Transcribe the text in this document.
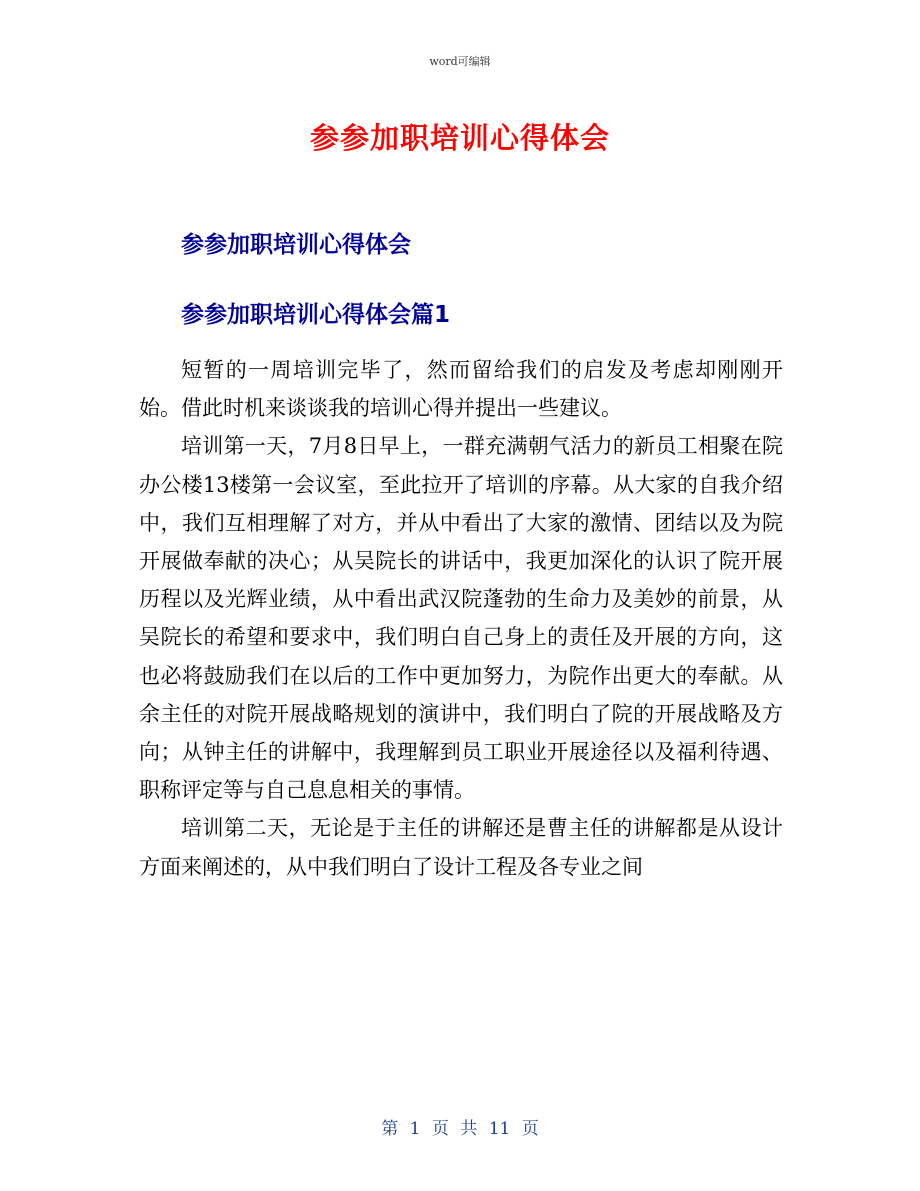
word可编辑
参参加职培训心得体会
参参加职培训心得体会
参参加职培训心得体会篇1

短暂的一周培训完毕了，然而留给我们的启发及考虑却刚刚开始。借此时机来谈谈我的培训心得并提出一些建议。

培训第一天，7月8日早上，一群充满朝气活力的新员工相聚在院办公楼13楼第一会议室，至此拉开了培训的序幕。从大家的自我介绍中，我们互相理解了对方，并从中看出了大家的激情、团结以及为院开展做奉献的决心；从吴院长的讲话中，我更加深化的认识了院开展历程以及光辉业绩，从中看出武汉院蓬勃的生命力及美妙的前景，从吴院长的希望和要求中，我们明白自己身上的责任及开展的方向，这也必将鼓励我们在以后的工作中更加努力，为院作出更大的奉献。从余主任的对院开展战略规划的演讲中，我们明白了院的开展战略及方向；从钟主任的讲解中，我理解到员工职业开展途径以及福利待遇、职称评定等与自己息息相关的事情。

培训第二天，无论是于主任的讲解还是曹主任的讲解都是从设计方面来阐述的，从中我们明白了设计工程及各专业之间

第 1 页 共 11 页
